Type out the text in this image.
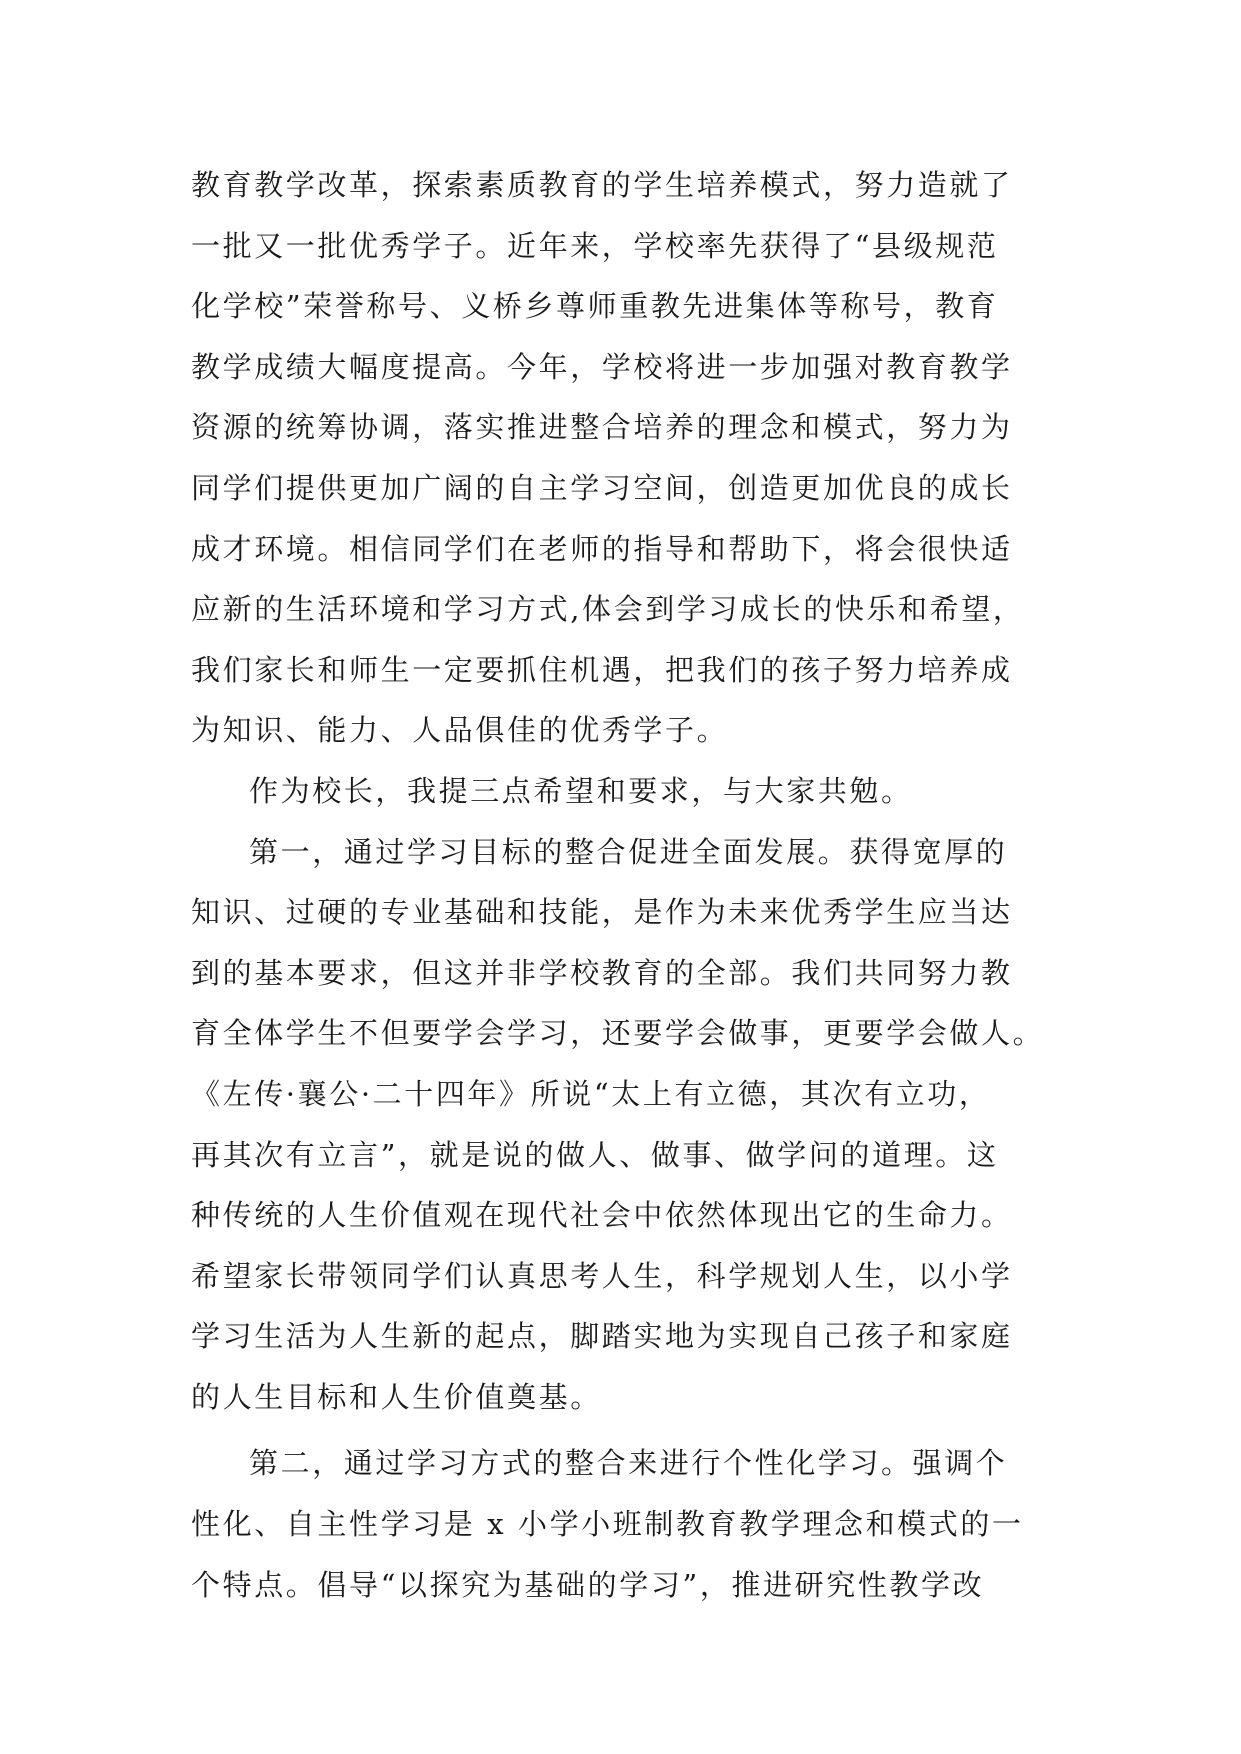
教育教学改革，探索素质教育的学生培养模式，努力造就了
一批又一批优秀学子。近年来，学校率先获得了“县级规范
化学校”荣誉称号、义桥乡尊师重教先进集体等称号，教育
教学成绩大幅度提高。今年，学校将进一步加强对教育教学
资源的统筹协调，落实推进整合培养的理念和模式，努力为
同学们提供更加广阔的自主学习空间，创造更加优良的成长
成才环境。相信同学们在老师的指导和帮助下，将会很快适
应新的生活环境和学习方式,体会到学习成长的快乐和希望，
我们家长和师生一定要抓住机遇，把我们的孩子努力培养成
为知识、能力、人品俱佳的优秀学子。
作为校长，我提三点希望和要求，与大家共勉。
第一，通过学习目标的整合促进全面发展。获得宽厚的
知识、过硬的专业基础和技能，是作为未来优秀学生应当达
到的基本要求，但这并非学校教育的全部。我们共同努力教
育全体学生不但要学会学习，还要学会做事，更要学会做人。
《左传·襄公·二十四年》所说“太上有立德，其次有立功，
再其次有立言”，就是说的做人、做事、做学问的道理。这
种传统的人生价值观在现代社会中依然体现出它的生命力。
希望家长带领同学们认真思考人生，科学规划人生，以小学
学习生活为人生新的起点，脚踏实地为实现自己孩子和家庭
的人生目标和人生价值奠基。
第二，通过学习方式的整合来进行个性化学习。强调个
性化、自主性学习是 x 小学小班制教育教学理念和模式的一
个特点。倡导“以探究为基础的学习”，推进研究性教学改
